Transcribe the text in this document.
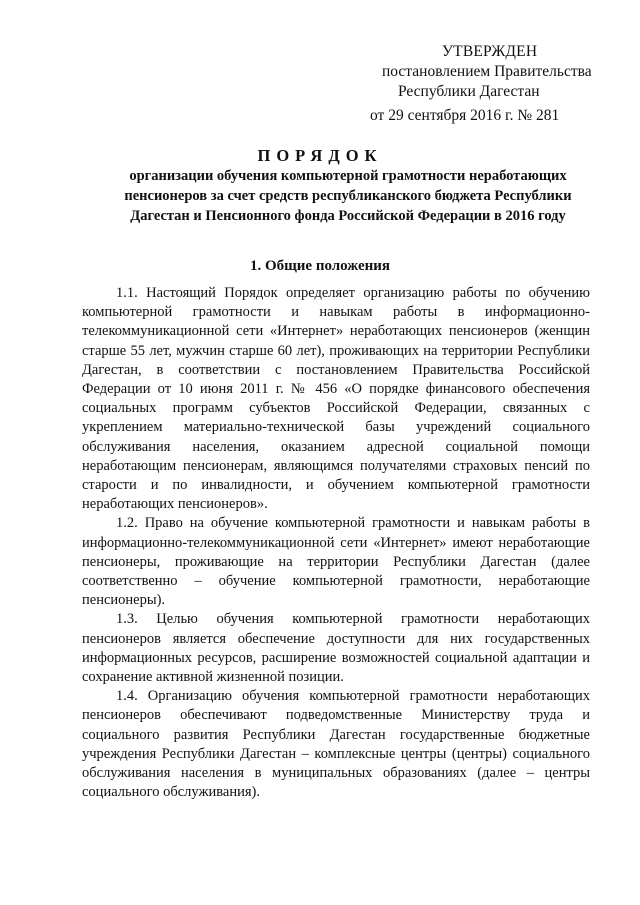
УТВЕРЖДЕН
постановлением Правительства
Республики Дагестан
от 29 сентября 2016 г. № 281
ПОРЯДОК
организации обучения компьютерной грамотности неработающих пенсионеров за счет средств республиканского бюджета Республики Дагестан и Пенсионного фонда Российской Федерации в 2016 году
1. Общие положения

1.1. Настоящий Порядок определяет организацию работы по обучению компьютерной грамотности и навыкам работы в информационно-телекоммуникационной сети «Интернет» неработающих пенсионеров (женщин старше 55 лет, мужчин старше 60 лет), проживающих на территории Республики Дагестан, в соответствии с постановлением Правительства Российской Федерации от 10 июня 2011 г. № 456 «О порядке финансового обеспечения социальных программ субъектов Российской Федерации, связанных с укреплением материально-технической базы учреждений социального обслуживания населения, оказанием адресной социальной помощи неработающим пенсионерам, являющимся получателями страховых пенсий по старости и по инвалидности, и обучением компьютерной грамотности неработающих пенсионеров».

1.2. Право на обучение компьютерной грамотности и навыкам работы в информационно-телекоммуникационной сети «Интернет» имеют неработающие пенсионеры, проживающие на территории Республики Дагестан (далее соответственно – обучение компьютерной грамотности, неработающие пенсионеры).

1.3. Целью обучения компьютерной грамотности неработающих пенсионеров является обеспечение доступности для них государственных информационных ресурсов, расширение возможностей социальной адаптации и сохранение активной жизненной позиции.

1.4. Организацию обучения компьютерной грамотности неработающих пенсионеров обеспечивают подведомственные Министерству труда и социального развития Республики Дагестан государственные бюджетные учреждения Республики Дагестан – комплексные центры (центры) социального обслуживания населения в муниципальных образованиях (далее – центры социального обслуживания).
